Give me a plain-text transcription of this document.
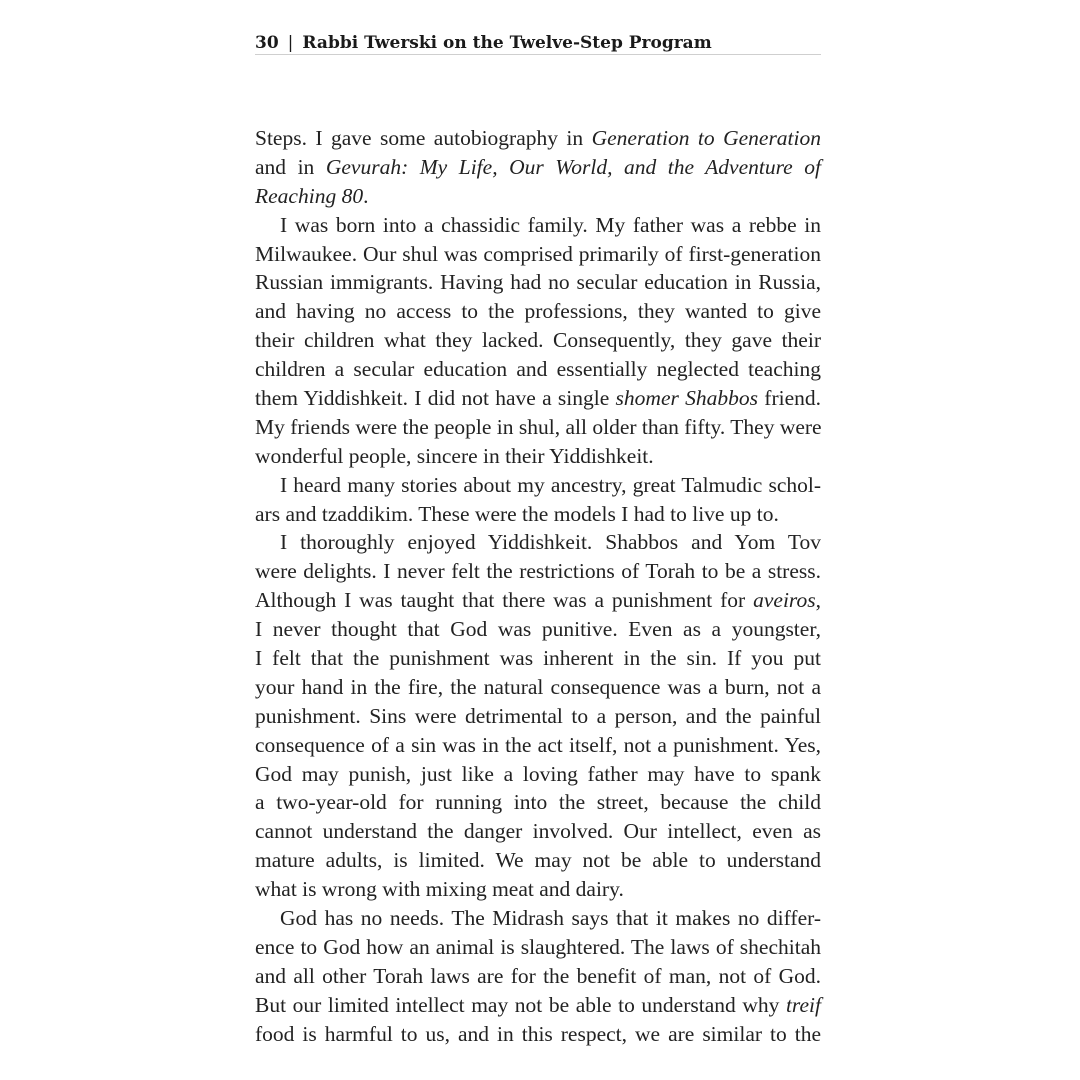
30 | Rabbi Twerski on the Twelve-Step Program
Steps. I gave some autobiography in Generation to Generation
and in Gevurah: My Life, Our World, and the Adventure of
Reaching 80.
I was born into a chassidic family. My father was a rebbe in
Milwaukee. Our shul was comprised primarily of first-generation
Russian immigrants. Having had no secular education in Russia,
and having no access to the professions, they wanted to give
their children what they lacked. Consequently, they gave their
children a secular education and essentially neglected teaching
them Yiddishkeit. I did not have a single shomer Shabbos friend.
My friends were the people in shul, all older than fifty. They were
wonderful people, sincere in their Yiddishkeit.
I heard many stories about my ancestry, great Talmudic schol-
ars and tzaddikim. These were the models I had to live up to.
I thoroughly enjoyed Yiddishkeit. Shabbos and Yom Tov
were delights. I never felt the restrictions of Torah to be a stress.
Although I was taught that there was a punishment for aveiros,
I never thought that God was punitive. Even as a youngster,
I felt that the punishment was inherent in the sin. If you put
your hand in the fire, the natural consequence was a burn, not a
punishment. Sins were detrimental to a person, and the painful
consequence of a sin was in the act itself, not a punishment. Yes,
God may punish, just like a loving father may have to spank
a two-year-old for running into the street, because the child
cannot understand the danger involved. Our intellect, even as
mature adults, is limited. We may not be able to understand
what is wrong with mixing meat and dairy.
God has no needs. The Midrash says that it makes no differ-
ence to God how an animal is slaughtered. The laws of shechitah
and all other Torah laws are for the benefit of man, not of God.
But our limited intellect may not be able to understand why treif
food is harmful to us, and in this respect, we are similar to the
